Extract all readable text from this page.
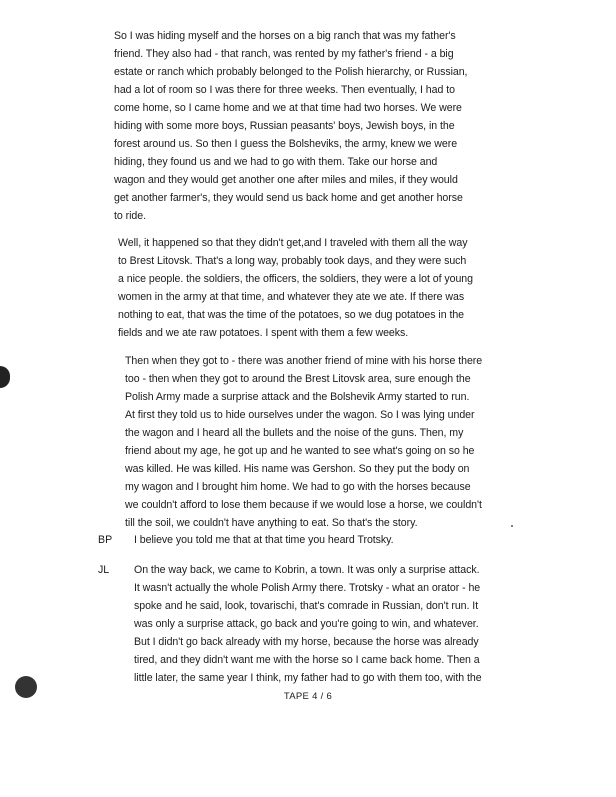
So I was hiding myself and the horses on a big ranch that was my father's
friend. They also had - that ranch, was rented by my father's friend - a big
estate or ranch which probably belonged to the Polish hierarchy, or Russian,
had a lot of room so I was there for three weeks. Then eventually, I had to
come home, so I came home and we at that time had two horses. We were
hiding with some more boys, Russian peasants' boys, Jewish boys, in the
forest around us. So then I guess the Bolsheviks, the army, knew we were
hiding, they found us and we had to go with them. Take our horse and
wagon and they would get another one after miles and miles, if they would
get another farmer's, they would send us back home and get another horse
to ride.
Well, it happened so that they didn't get,and I traveled with them all the way
to Brest Litovsk. That's a long way, probably took days, and they were such
a nice people. the soldiers, the officers, the soldiers, they were a lot of young
women in the army at that time, and whatever they ate we ate. If there was
nothing to eat, that was the time of the potatoes, so we dug potatoes in the
fields and we ate raw potatoes. I spent with them a few weeks.
Then when they got to - there was another friend of mine with his horse there
too - then when they got to around the Brest Litovsk area, sure enough the
Polish Army made a surprise attack and the Bolshevik Army started to run.
At first they told us to hide ourselves under the wagon. So I was lying under
the wagon and I heard all the bullets and the noise of the guns. Then, my
friend about my age, he got up and he wanted to see what's going on so he
was killed. He was killed. His name was Gershon. So they put the body on
my wagon and I brought him home. We had to go with the horses because
we couldn't afford to lose them because if we would lose a horse, we couldn't
till the soil, we couldn't have anything to eat. So that's the story.
BP I believe you told me that at that time you heard Trotsky.
JL On the way back, we came to Kobrin, a town. It was only a surprise attack.
It wasn't actually the whole Polish Army there. Trotsky - what an orator - he
spoke and he said, look, tovarischi, that's comrade in Russian, don't run. It
was only a surprise attack, go back and you're going to win, and whatever.
But I didn't go back already with my horse, because the horse was already
tired, and they didn't want me with the horse so I came back home. Then a
little later, the same year I think, my father had to go with them too, with the
TAPE 4 / 6
